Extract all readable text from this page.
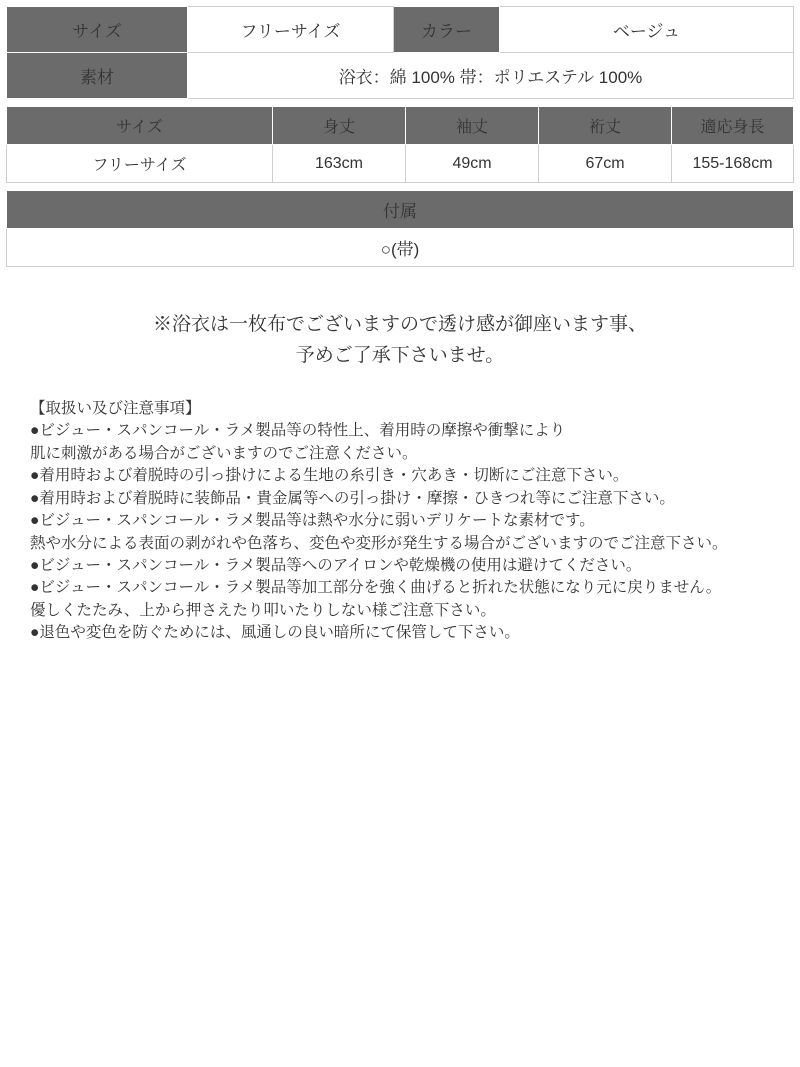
サイズ	フリーサイズ	カラー	ベージュ
素材	浴衣：綿 100% 帯：ポリエステル 100%		
サイズ	身丈	袖丈	裄丈	適応身長
フリーサイズ	163cm	49cm	67cm	155-168cm
付属
○(帯)
※浴衣は一枚布でございますので透け感が御座います事、
予めご了承下さいませ。
【取扱い及び注意事項】
●ビジュー・スパンコール・ラメ製品等の特性上、着用時の摩擦や衝撃により
肌に刺激がある場合がございますのでご注意ください。
●着用時および着脱時の引っ掛けによる生地の糸引き・穴あき・切断にご注意下さい。
●着用時および着脱時に装飾品・貴金属等への引っ掛け・摩擦・ひきつれ等にご注意下さい。
●ビジュー・スパンコール・ラメ製品等は熱や水分に弱いデリケートな素材です。
熱や水分による表面の剥がれや色落ち、変色や変形が発生する場合がございますのでご注意下さい。
●ビジュー・スパンコール・ラメ製品等へのアイロンや乾燥機の使用は避けてください。
●ビジュー・スパンコール・ラメ製品等加工部分を強く曲げると折れた状態になり元に戻りません。
優しくたたみ、上から押さえたり叩いたりしない様ご注意下さい。
●退色や変色を防ぐためには、風通しの良い暗所にて保管して下さい。
